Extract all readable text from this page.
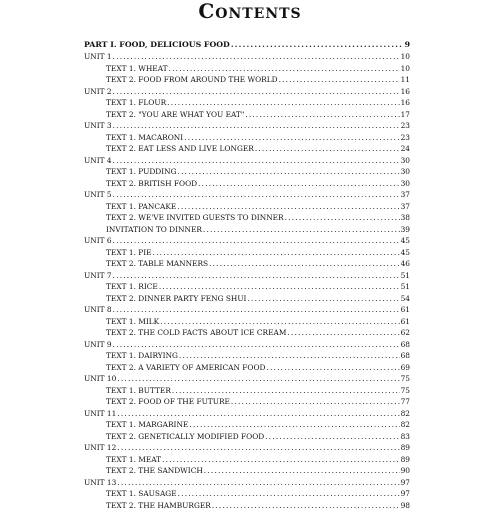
Contents
PART I. FOOD, DELICIOUS FOOD .....	9
UNIT 1 .....	10
TEXT 1. WHEAT .....	10
TEXT 2. FOOD FROM AROUND THE WORLD .....	11
UNIT 2 .....	16
TEXT 1. FLOUR .....	16
TEXT 2. "YOU ARE WHAT YOU EAT" .....	17
UNIT 3 .....	23
TEXT 1. MACARONI .....	23
TEXT 2. EAT LESS AND LIVE LONGER .....	24
UNIT 4 .....	30
TEXT 1. PUDDING .....	30
TEXT 2. BRITISH FOOD .....	30
UNIT 5 .....	37
TEXT 1. PANCAKE .....	37
TEXT 2. WE'VE INVITED GUESTS TO DINNER .....	38
INVITATION TO DINNER .....	39
UNIT 6 .....	45
TEXT 1. PIE .....	45
TEXT 2. TABLE MANNERS .....	46
UNIT 7 .....	51
TEXT 1. RICE .....	51
TEXT 2. DINNER PARTY FENG SHUI .....	54
UNIT 8 .....	61
TEXT 1. MILK .....	61
TEXT 2. THE COLD FACTS ABOUT ICE CREAM .....	62
UNIT 9 .....	68
TEXT 1. DAIRYING .....	68
TEXT 2. A VARIETY OF AMERICAN FOOD .....	69
UNIT 10 .....	75
TEXT 1. BUTTER .....	75
TEXT 2. FOOD OF THE FUTURE .....	77
UNIT 11 .....	82
TEXT 1. MARGARINE .....	82
TEXT 2. GENETICALLY MODIFIED FOOD .....	83
UNIT 12 .....	89
TEXT 1. MEAT .....	89
TEXT 2. THE SANDWICH .....	90
UNIT 13 .....	97
TEXT 1. SAUSAGE .....	97
TEXT 2. THE HAMBURGER .....	98
